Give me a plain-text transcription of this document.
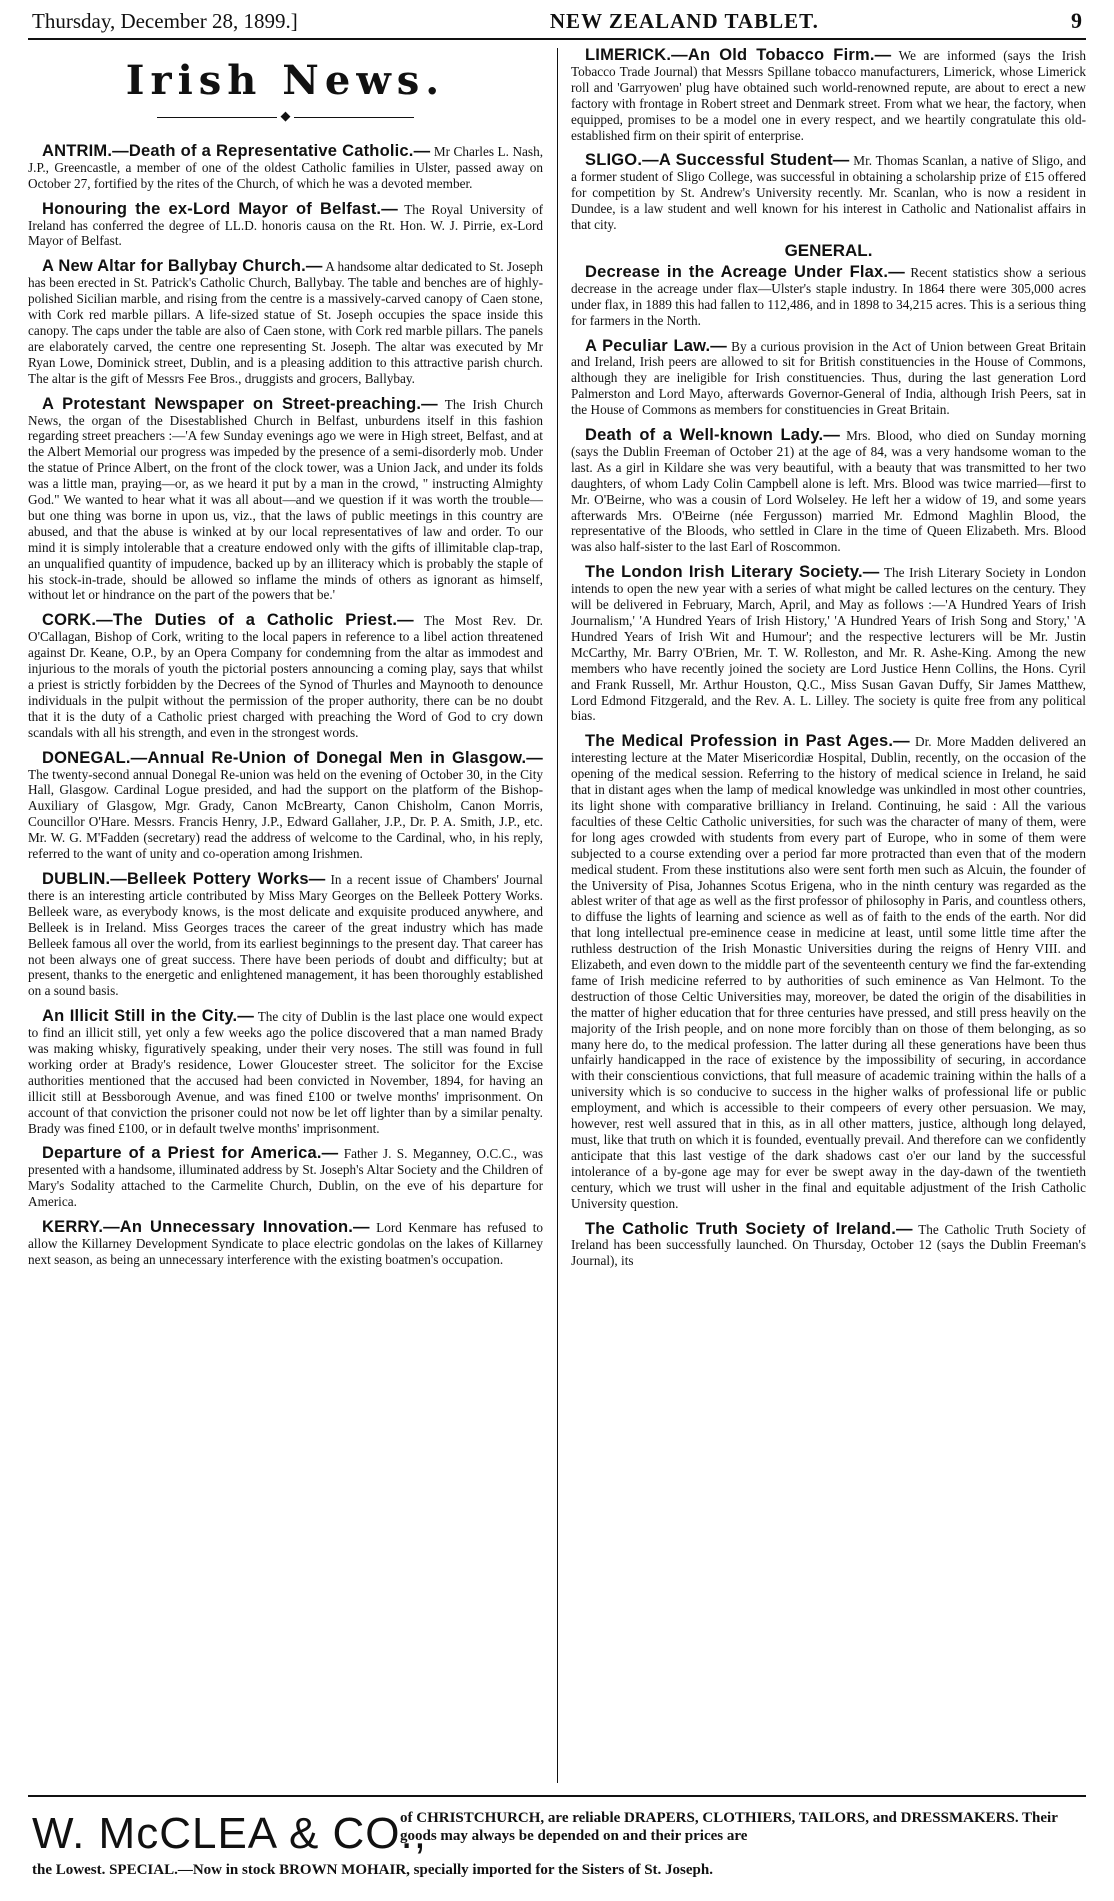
Thursday, December 28, 1899.]	NEW ZEALAND TABLET.	9
Irish News.
◆

ANTRIM.—Death of a Representative Catholic.— Mr Charles L. Nash, J.P., Greencastle, a member of one of the oldest Catholic families in Ulster, passed away on October 27, fortified by the rites of the Church, of which he was a devoted member.

Honouring the ex-Lord Mayor of Belfast.— The Royal University of Ireland has conferred the degree of LL.D. honoris causa on the Rt. Hon. W. J. Pirrie, ex-Lord Mayor of Belfast.

A New Altar for Ballybay Church.— A handsome altar dedicated to St. Joseph has been erected in St. Patrick's Catholic Church, Ballybay. The table and benches are of highly-polished Sicilian marble, and rising from the centre is a massively-carved canopy of Caen stone, with Cork red marble pillars. A life-sized statue of St. Joseph occupies the space inside this canopy. The caps under the table are also of Caen stone, with Cork red marble pillars. The panels are elaborately carved, the centre one representing St. Joseph. The altar was executed by Mr Ryan Lowe, Dominick street, Dublin, and is a pleasing addition to this attractive parish church. The altar is the gift of Messrs Fee Bros., druggists and grocers, Ballybay.

A Protestant Newspaper on Street-preaching.— The Irish Church News, the organ of the Disestablished Church in Belfast, unburdens itself in this fashion regarding street preachers :—'A few Sunday evenings ago we were in High street, Belfast, and at the Albert Memorial our progress was impeded by the presence of a semi-disorderly mob. Under the statue of Prince Albert, on the front of the clock tower, was a Union Jack, and under its folds was a little man, praying—or, as we heard it put by a man in the crowd, " instructing Almighty God." We wanted to hear what it was all about—and we question if it was worth the trouble—but one thing was borne in upon us, viz., that the laws of public meetings in this country are abused, and that the abuse is winked at by our local representatives of law and order. To our mind it is simply intolerable that a creature endowed only with the gifts of illimitable clap-trap, an unqualified quantity of impudence, backed up by an illiteracy which is probably the staple of his stock-in-trade, should be allowed so inflame the minds of others as ignorant as himself, without let or hindrance on the part of the powers that be.'

CORK.—The Duties of a Catholic Priest.— The Most Rev. Dr. O'Callagan, Bishop of Cork, writing to the local papers in reference to a libel action threatened against Dr. Keane, O.P., by an Opera Company for condemning from the altar as immodest and injurious to the morals of youth the pictorial posters announcing a coming play, says that whilst a priest is strictly forbidden by the Decrees of the Synod of Thurles and Maynooth to denounce individuals in the pulpit without the permission of the proper authority, there can be no doubt that it is the duty of a Catholic priest charged with preaching the Word of God to cry down scandals with all his strength, and even in the strongest words.

DONEGAL.—Annual Re-Union of Donegal Men in Glasgow.— The twenty-second annual Donegal Re-union was held on the evening of October 30, in the City Hall, Glasgow. Cardinal Logue presided, and had the support on the platform of the Bishop-Auxiliary of Glasgow, Mgr. Grady, Canon McBrearty, Canon Chisholm, Canon Morris, Councillor O'Hare. Messrs. Francis Henry, J.P., Edward Gallaher, J.P., Dr. P. A. Smith, J.P., etc. Mr. W. G. M'Fadden (secretary) read the address of welcome to the Cardinal, who, in his reply, referred to the want of unity and co-operation among Irishmen.

DUBLIN.—Belleek Pottery Works— In a recent issue of Chambers' Journal there is an interesting article contributed by Miss Mary Georges on the Belleek Pottery Works. Belleek ware, as everybody knows, is the most delicate and exquisite produced anywhere, and Belleek is in Ireland. Miss Georges traces the career of the great industry which has made Belleek famous all over the world, from its earliest beginnings to the present day. That career has not been always one of great success. There have been periods of doubt and difficulty; but at present, thanks to the energetic and enlightened management, it has been thoroughly established on a sound basis.

An Illicit Still in the City.— The city of Dublin is the last place one would expect to find an illicit still, yet only a few weeks ago the police discovered that a man named Brady was making whisky, figuratively speaking, under their very noses. The still was found in full working order at Brady's residence, Lower Gloucester street. The solicitor for the Excise authorities mentioned that the accused had been convicted in November, 1894, for having an illicit still at Bessborough Avenue, and was fined £100 or twelve months' imprisonment. On account of that conviction the prisoner could not now be let off lighter than by a similar penalty. Brady was fined £100, or in default twelve months' imprisonment.

Departure of a Priest for America.— Father J. S. Meganney, O.C.C., was presented with a handsome, illuminated address by St. Joseph's Altar Society and the Children of Mary's Sodality attached to the Carmelite Church, Dublin, on the eve of his departure for America.

KERRY.—An Unnecessary Innovation.— Lord Kenmare has refused to allow the Killarney Development Syndicate to place electric gondolas on the lakes of Killarney next season, as being an unnecessary interference with the existing boatmen's occupation.

LIMERICK.—An Old Tobacco Firm.— We are informed (says the Irish Tobacco Trade Journal) that Messrs Spillane tobacco manufacturers, Limerick, whose Limerick roll and 'Garryowen' plug have obtained such world-renowned repute, are about to erect a new factory with frontage in Robert street and Denmark street. From what we hear, the factory, when equipped, promises to be a model one in every respect, and we heartily congratulate this old-established firm on their spirit of enterprise.

SLIGO.—A Successful Student— Mr. Thomas Scanlan, a native of Sligo, and a former student of Sligo College, was successful in obtaining a scholarship prize of £15 offered for competition by St. Andrew's University recently. Mr. Scanlan, who is now a resident in Dundee, is a law student and well known for his interest in Catholic and Nationalist affairs in that city.

GENERAL.

Decrease in the Acreage Under Flax.— Recent statistics show a serious decrease in the acreage under flax—Ulster's staple industry. In 1864 there were 305,000 acres under flax, in 1889 this had fallen to 112,486, and in 1898 to 34,215 acres. This is a serious thing for farmers in the North.

A Peculiar Law.— By a curious provision in the Act of Union between Great Britain and Ireland, Irish peers are allowed to sit for British constituencies in the House of Commons, although they are ineligible for Irish constituencies. Thus, during the last generation Lord Palmerston and Lord Mayo, afterwards Governor-General of India, although Irish Peers, sat in the House of Commons as members for constituencies in Great Britain.

Death of a Well-known Lady.— Mrs. Blood, who died on Sunday morning (says the Dublin Freeman of October 21) at the age of 84, was a very handsome woman to the last. As a girl in Kildare she was very beautiful, with a beauty that was transmitted to her two daughters, of whom Lady Colin Campbell alone is left. Mrs. Blood was twice married—first to Mr. O'Beirne, who was a cousin of Lord Wolseley. He left her a widow of 19, and some years afterwards Mrs. O'Beirne (née Fergusson) married Mr. Edmond Maghlin Blood, the representative of the Bloods, who settled in Clare in the time of Queen Elizabeth. Mrs. Blood was also half-sister to the last Earl of Roscommon.

The London Irish Literary Society.— The Irish Literary Society in London intends to open the new year with a series of what might be called lectures on the century. They will be delivered in February, March, April, and May as follows :—'A Hundred Years of Irish Journalism,' 'A Hundred Years of Irish History,' 'A Hundred Years of Irish Song and Story,' 'A Hundred Years of Irish Wit and Humour'; and the respective lecturers will be Mr. Justin McCarthy, Mr. Barry O'Brien, Mr. T. W. Rolleston, and Mr. R. Ashe-King. Among the new members who have recently joined the society are Lord Justice Henn Collins, the Hons. Cyril and Frank Russell, Mr. Arthur Houston, Q.C., Miss Susan Gavan Duffy, Sir James Matthew, Lord Edmond Fitzgerald, and the Rev. A. L. Lilley. The society is quite free from any political bias.

The Medical Profession in Past Ages.— Dr. More Madden delivered an interesting lecture at the Mater Misericordiæ Hospital, Dublin, recently, on the occasion of the opening of the medical session. Referring to the history of medical science in Ireland, he said that in distant ages when the lamp of medical knowledge was unkindled in most other countries, its light shone with comparative brilliancy in Ireland. Continuing, he said : All the various faculties of these Celtic Catholic universities, for such was the character of many of them, were for long ages crowded with students from every part of Europe, who in some of them were subjected to a course extending over a period far more protracted than even that of the modern medical student. From these institutions also were sent forth men such as Alcuin, the founder of the University of Pisa, Johannes Scotus Erigena, who in the ninth century was regarded as the ablest writer of that age as well as the first professor of philosophy in Paris, and countless others, to diffuse the lights of learning and science as well as of faith to the ends of the earth. Nor did that long intellectual pre-eminence cease in medicine at least, until some little time after the ruthless destruction of the Irish Monastic Universities during the reigns of Henry VIII. and Elizabeth, and even down to the middle part of the seventeenth century we find the far-extending fame of Irish medicine referred to by authorities of such eminence as Van Helmont. To the destruction of those Celtic Universities may, moreover, be dated the origin of the disabilities in the matter of higher education that for three centuries have pressed, and still press heavily on the majority of the Irish people, and on none more forcibly than on those of them belonging, as so many here do, to the medical profession. The latter during all these generations have been thus unfairly handicapped in the race of existence by the impossibility of securing, in accordance with their conscientious convictions, that full measure of academic training within the halls of a university which is so conducive to success in the higher walks of professional life or public employment, and which is accessible to their compeers of every other persuasion. We may, however, rest well assured that in this, as in all other matters, justice, although long delayed, must, like that truth on which it is founded, eventually prevail. And therefore can we confidently anticipate that this last vestige of the dark shadows cast o'er our land by the successful intolerance of a by-gone age may for ever be swept away in the day-dawn of the twentieth century, which we trust will usher in the final and equitable adjustment of the Irish Catholic University question.

The Catholic Truth Society of Ireland.— The Catholic Truth Society of Ireland has been successfully launched. On Thursday, October 12 (says the Dublin Freeman's Journal), its

W. McCLEA & CO.,
of CHRISTCHURCH, are reliable DRAPERS, CLOTHIERS, TAILORS, and DRESSMAKERS. Their goods may always be depended on and their prices are
the Lowest. SPECIAL.—Now in stock BROWN MOHAIR, specially imported for the Sisters of St. Joseph.
